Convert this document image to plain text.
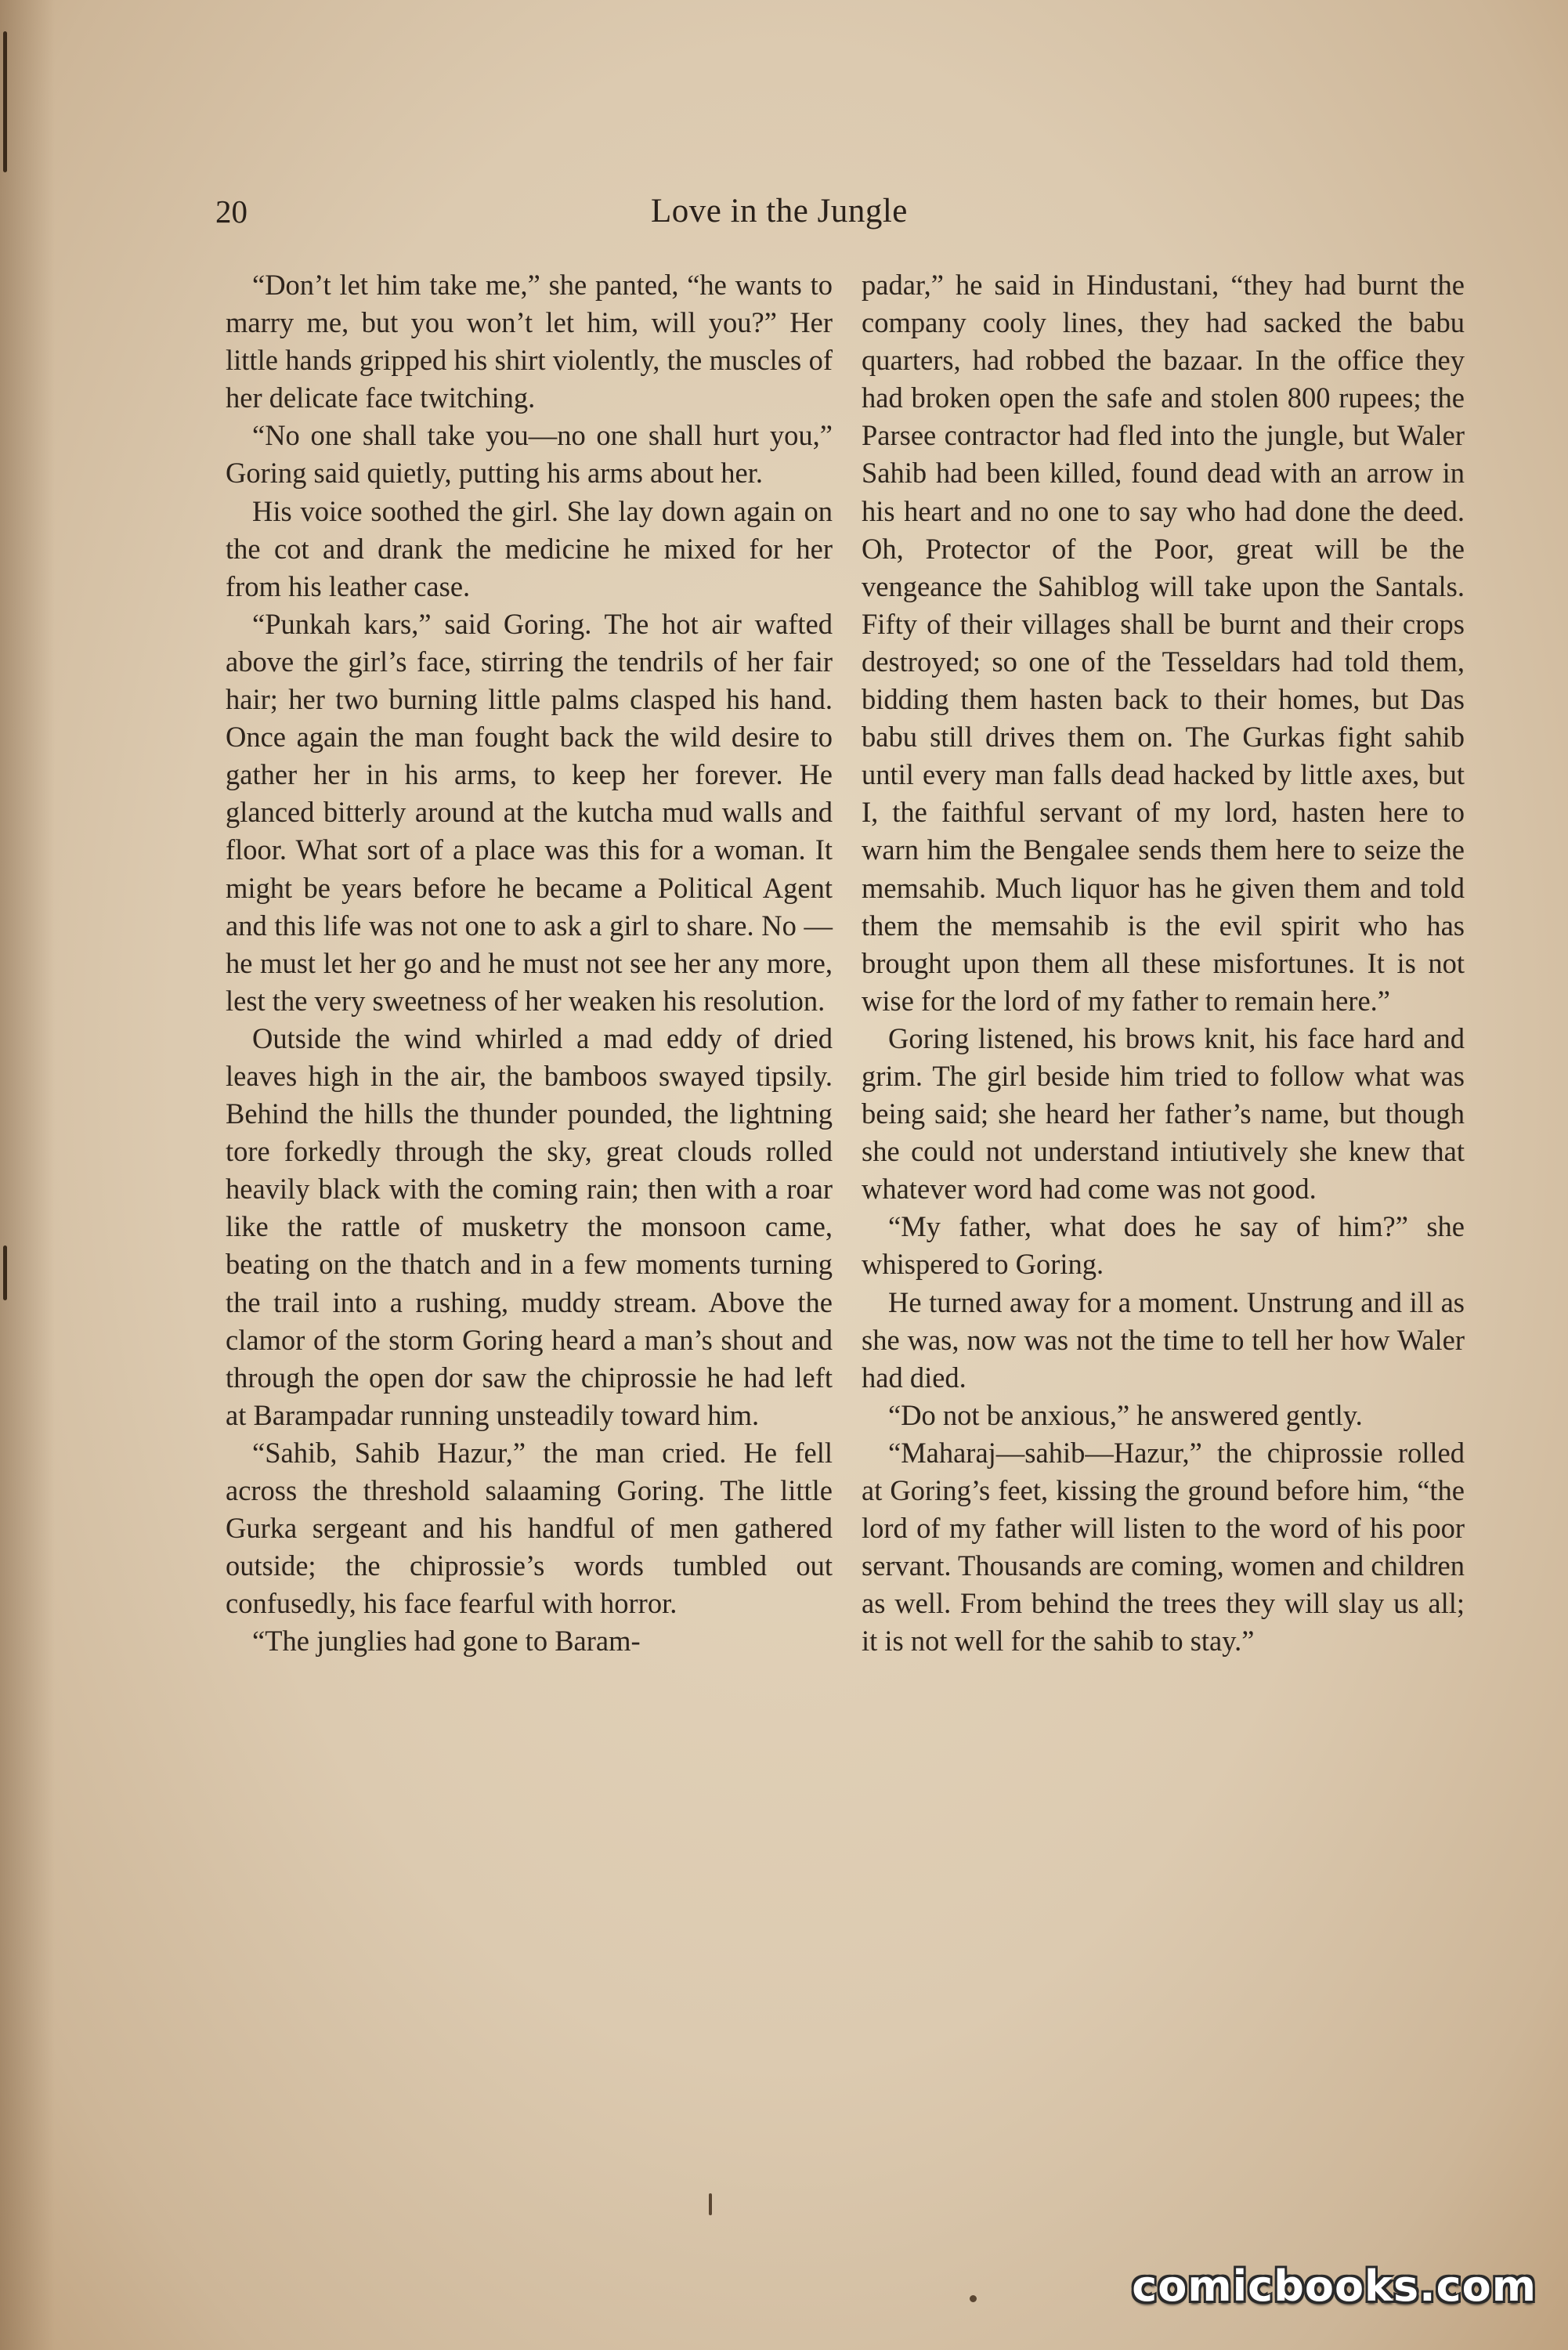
20	Love in the Jungle

“Don’t let him take me,” she panted, “he wants to marry me, but you won’t let him, will you?” Her little hands gripped his shirt violently, the muscles of her delicate face twitching.

“No one shall take you—no one shall hurt you,” Goring said quietly, putting his arms about her.

His voice soothed the girl. She lay down again on the cot and drank the medicine he mixed for her from his leather case.

“Punkah kars,” said Goring. The hot air wafted above the girl’s face, stirring the tendrils of her fair hair; her two burning little palms clasped his hand. Once again the man fought back the wild desire to gather her in his arms, to keep her forever. He glanced bitterly around at the kutcha mud walls and floor. What sort of a place was this for a woman. It might be years before he became a Political Agent and this life was not one to ask a girl to share. No —he must let her go and he must not see her any more, lest the very sweetness of her weaken his resolution.

Outside the wind whirled a mad eddy of dried leaves high in the air, the bamboos swayed tipsily. Behind the hills the thunder pounded, the lightning tore forkedly through the sky, great clouds rolled heavily black with the coming rain; then with a roar like the rattle of musketry the monsoon came, beating on the thatch and in a few moments turning the trail into a rushing, muddy stream. Above the clamor of the storm Goring heard a man’s shout and through the open dor saw the chiprossie he had left at Barampadar running unsteadily toward him.

“Sahib, Sahib Hazur,” the man cried. He fell across the threshold salaaming Goring. The little Gurka sergeant and his handful of men gathered outside; the chiprossie’s words tumbled out confusedly, his face fearful with horror.

“The junglies had gone to Baram-

padar,” he said in Hindustani, “they had burnt the company cooly lines, they had sacked the babu quarters, had robbed the bazaar. In the office they had broken open the safe and stolen 800 rupees; the Parsee contractor had fled into the jungle, but Waler Sahib had been killed, found dead with an arrow in his heart and no one to say who had done the deed. Oh, Protector of the Poor, great will be the vengeance the Sahiblog will take upon the Santals. Fifty of their villages shall be burnt and their crops destroyed; so one of the Tesseldars had told them, bidding them hasten back to their homes, but Das babu still drives them on. The Gurkas fight sahib until every man falls dead hacked by little axes, but I, the faithful servant of my lord, hasten here to warn him the Bengalee sends them here to seize the memsahib. Much liquor has he given them and told them the memsahib is the evil spirit who has brought upon them all these misfortunes. It is not wise for the lord of my father to remain here.”

Goring listened, his brows knit, his face hard and grim. The girl beside him tried to follow what was being said; she heard her father’s name, but though she could not understand intiutively she knew that whatever word had come was not good.

“My father, what does he say of him?” she whispered to Goring.

He turned away for a moment. Unstrung and ill as she was, now was not the time to tell her how Waler had died.

“Do not be anxious,” he answered gently.

“Maharaj—sahib—Hazur,” the chiprossie rolled at Goring’s feet, kissing the ground before him, “the lord of my father will listen to the word of his poor servant. Thousands are coming, women and children as well. From behind the trees they will slay us all; it is not well for the sahib to stay.”

comicbooks.com
